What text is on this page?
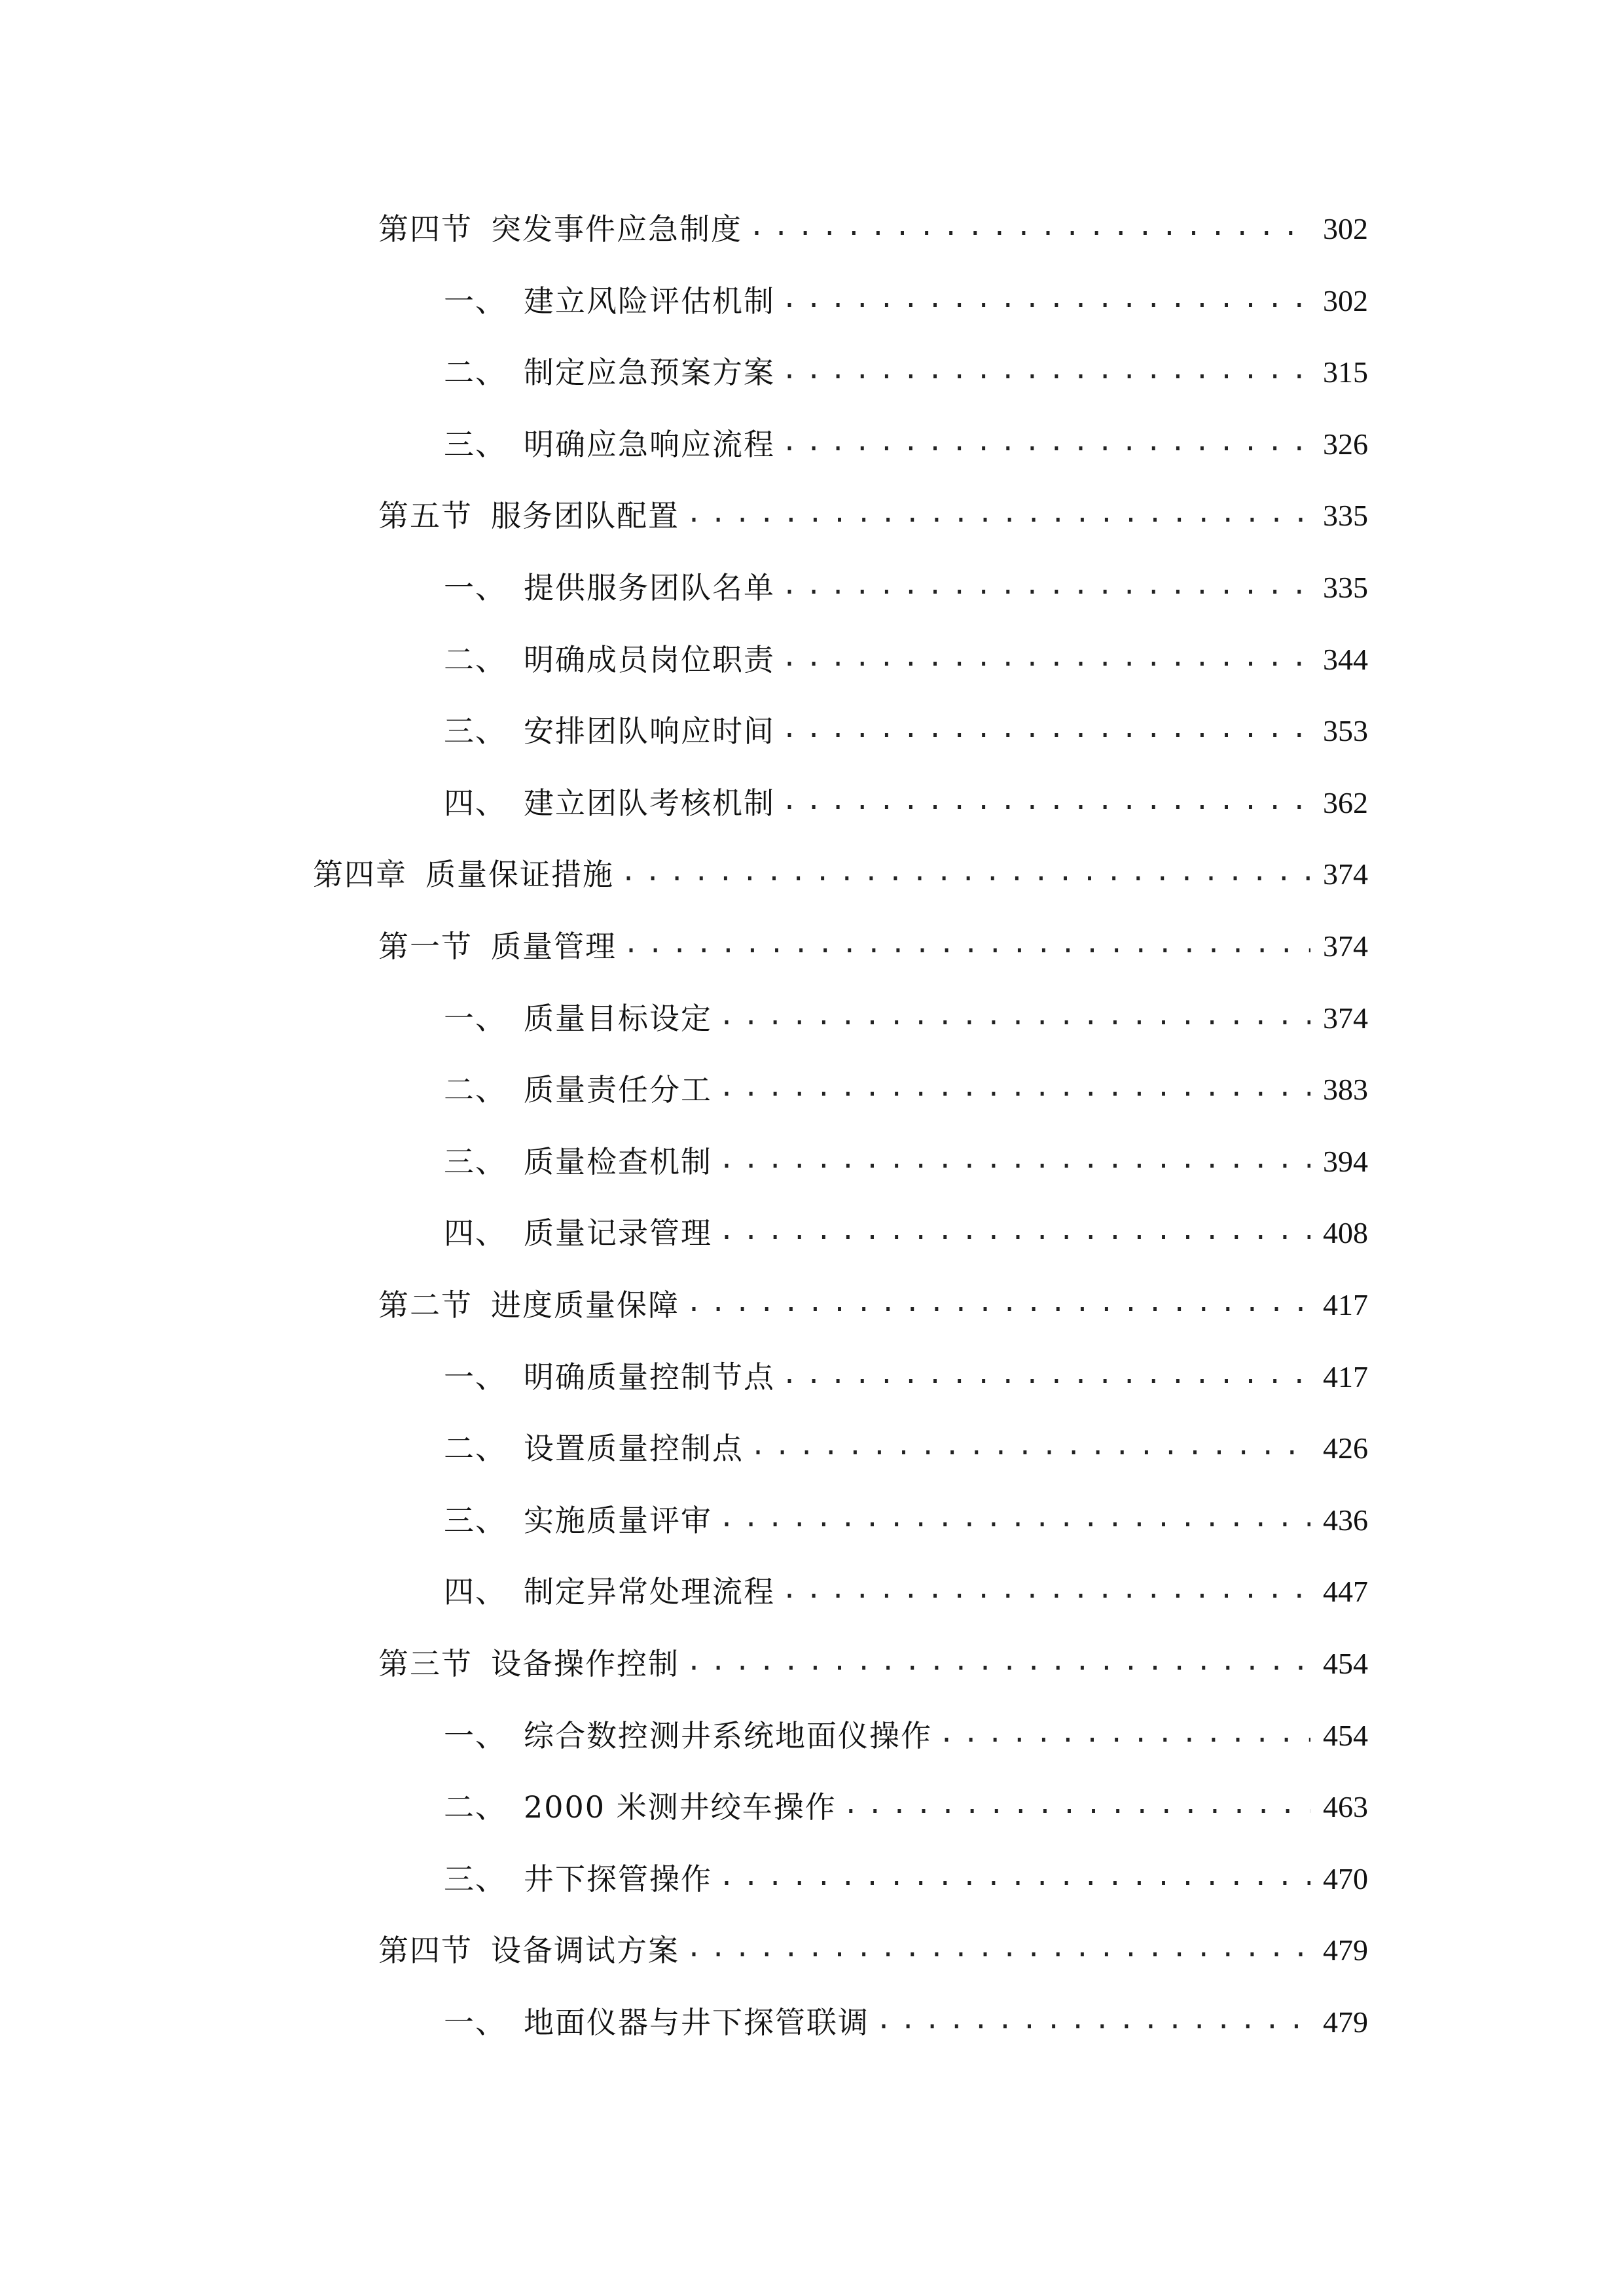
第四节 突发事件应急制度 .....	302
一、 建立风险评估机制 .....	302
二、 制定应急预案方案 .....	315
三、 明确应急响应流程 .....	326
第五节 服务团队配置 .....	335
一、 提供服务团队名单 .....	335
二、 明确成员岗位职责 .....	344
三、 安排团队响应时间 .....	353
四、 建立团队考核机制 .....	362
第四章 质量保证措施 .....	374
第一节 质量管理 .....	374
一、 质量目标设定 .....	374
二、 质量责任分工 .....	383
三、 质量检查机制 .....	394
四、 质量记录管理 .....	408
第二节 进度质量保障 .....	417
一、 明确质量控制节点 .....	417
二、 设置质量控制点 .....	426
三、 实施质量评审 .....	436
四、 制定异常处理流程 .....	447
第三节 设备操作控制 .....	454
一、 综合数控测井系统地面仪操作 .....	454
二、 2000 米测井绞车操作 .....	463
三、 井下探管操作 .....	470
第四节 设备调试方案 .....	479
一、 地面仪器与井下探管联调 .....	479
